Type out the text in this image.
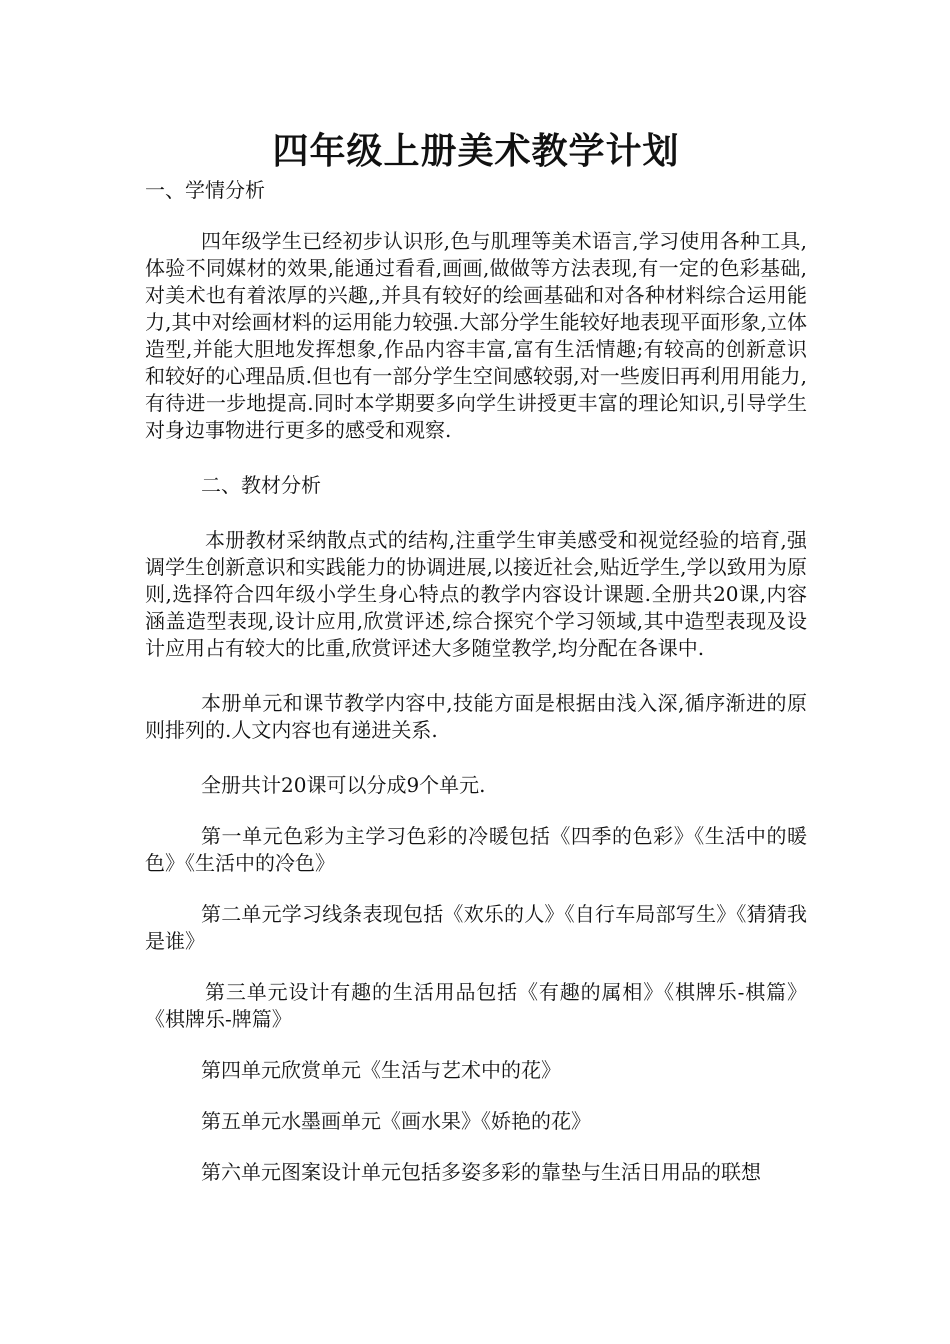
四年级上册美术教学计划

一、学情分析

四年级学生已经初步认识形,色与肌理等美术语言,学习使用各种工具,体验不同媒材的效果,能通过看看,画画,做做等方法表现,有一定的色彩基础,对美术也有着浓厚的兴趣,,并具有较好的绘画基础和对各种材料综合运用能力,其中对绘画材料的运用能力较强.大部分学生能较好地表现平面形象,立体造型,并能大胆地发挥想象,作品内容丰富,富有生活情趣;有较高的创新意识和较好的心理品质.但也有一部分学生空间感较弱,对一些废旧再利用用能力,有待进一步地提高.同时本学期要多向学生讲授更丰富的理论知识,引导学生对身边事物进行更多的感受和观察.

二、教材分析

本册教材采纳散点式的结构,注重学生审美感受和视觉经验的培育,强调学生创新意识和实践能力的协调进展,以接近社会,贴近学生,学以致用为原则,选择符合四年级小学生身心特点的教学内容设计课题.全册共20课,内容涵盖造型表现,设计应用,欣赏评述,综合探究个学习领域,其中造型表现及设计应用占有较大的比重,欣赏评述大多随堂教学,均分配在各课中.

本册单元和课节教学内容中,技能方面是根据由浅入深,循序渐进的原则排列的.人文内容也有递进关系.

全册共计20课可以分成9个单元.

第一单元色彩为主学习色彩的冷暖包括《四季的色彩》《生活中的暖色》《生活中的冷色》

第二单元学习线条表现包括《欢乐的人》《自行车局部写生》《猜猜我是谁》

第三单元设计有趣的生活用品包括《有趣的属相》《棋牌乐-棋篇》《棋牌乐-牌篇》

第四单元欣赏单元《生活与艺术中的花》

第五单元水墨画单元《画水果》《娇艳的花》

第六单元图案设计单元包括多姿多彩的靠垫与生活日用品的联想
